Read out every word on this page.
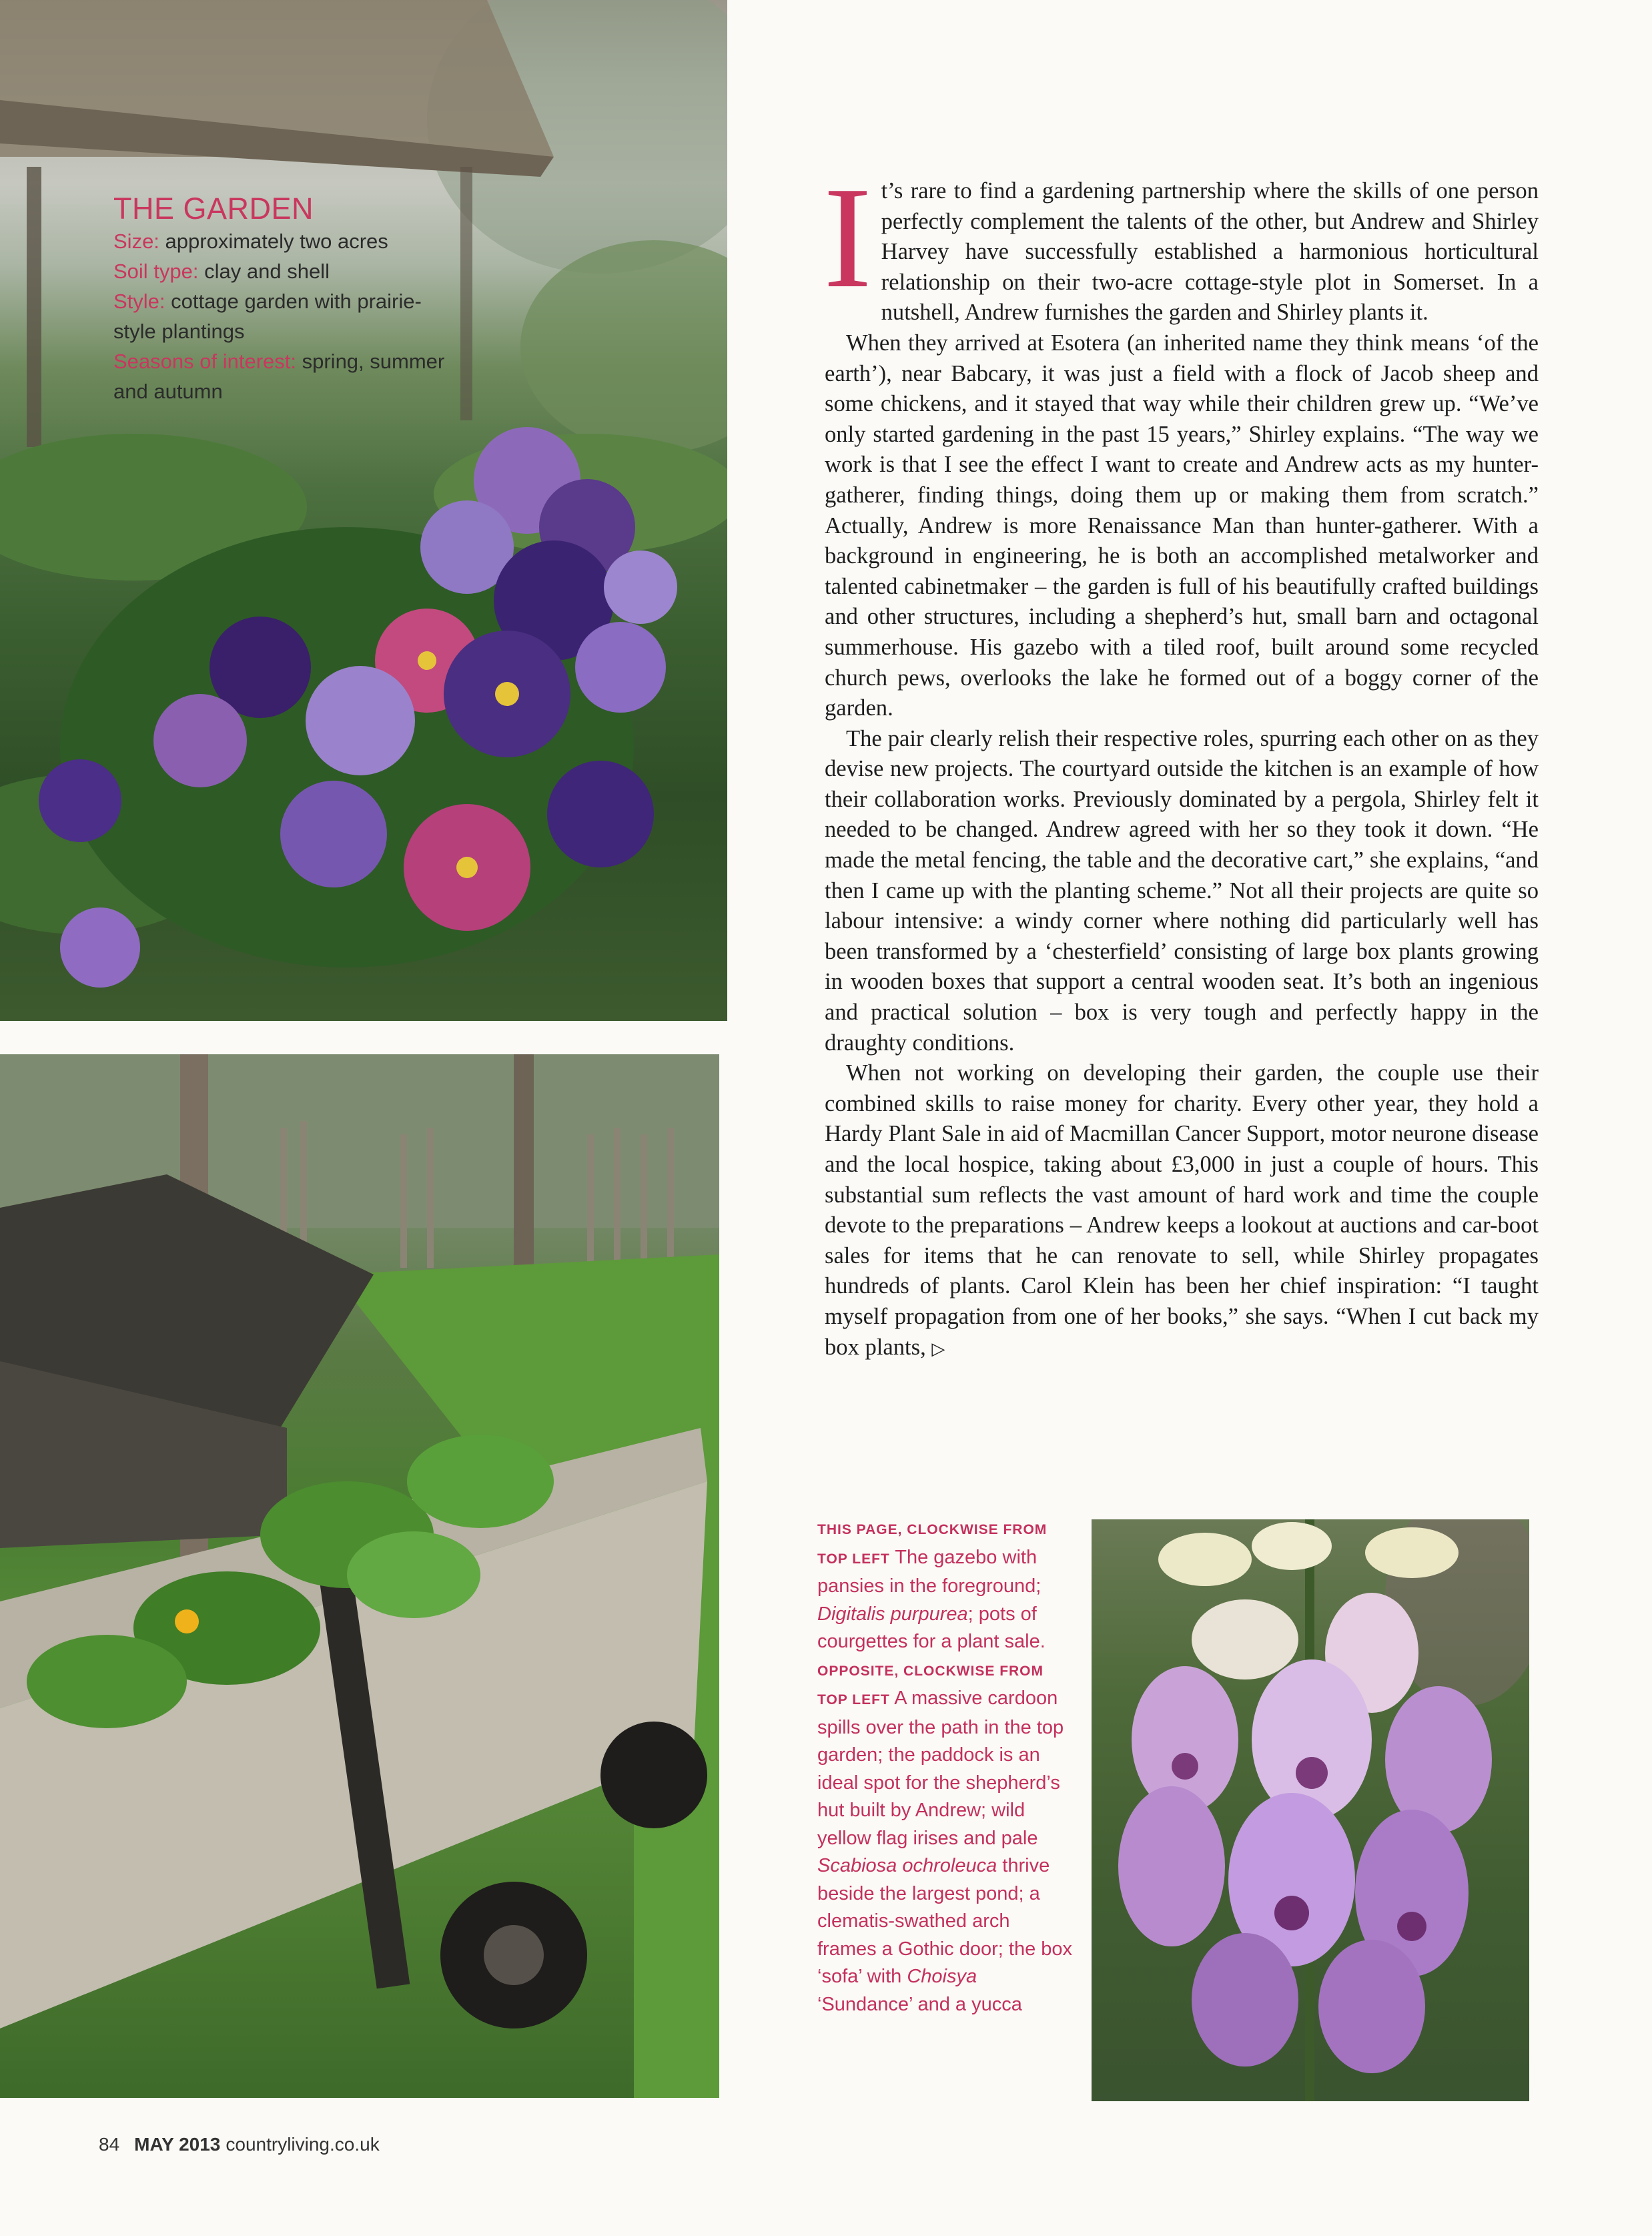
THE GARDEN

Size: approximately two acres

Soil type: clay and shell

Style: cottage garden with prairie-style plantings

Seasons of interest: spring, summer and autumn

It’s rare to find a gardening partnership where the skills of one person perfectly complement the talents of the other, but Andrew and Shirley Harvey have successfully established a harmonious horticultural relationship on their two-acre cottage-style plot in Somerset. In a nutshell, Andrew furnishes the garden and Shirley plants it.

When they arrived at Esotera (an inherited name they think means ‘of the earth’), near Babcary, it was just a field with a flock of Jacob sheep and some chickens, and it stayed that way while their children grew up. “We’ve only started gardening in the past 15 years,” Shirley explains. “The way we work is that I see the effect I want to create and Andrew acts as my hunter-gatherer, finding things, doing them up or making them from scratch.” Actually, Andrew is more Renaissance Man than hunter-gatherer. With a background in engineering, he is both an accomplished metalworker and talented cabinetmaker – the garden is full of his beautifully crafted buildings and other structures, including a shepherd’s hut, small barn and octagonal summerhouse. His gazebo with a tiled roof, built around some recycled church pews, overlooks the lake he formed out of a boggy corner of the garden.

The pair clearly relish their respective roles, spurring each other on as they devise new projects. The courtyard outside the kitchen is an example of how their collaboration works. Previously dominated by a pergola, Shirley felt it needed to be changed. Andrew agreed with her so they took it down. “He made the metal fencing, the table and the decorative cart,” she explains, “and then I came up with the planting scheme.” Not all their projects are quite so labour intensive: a windy corner where nothing did particularly well has been transformed by a ‘chesterfield’ consisting of large box plants growing in wooden boxes that support a central wooden seat. It’s both an ingenious and practical solution – box is very tough and perfectly happy in the draughty conditions.

When not working on developing their garden, the couple use their combined skills to raise money for charity. Every other year, they hold a Hardy Plant Sale in aid of Macmillan Cancer Support, motor neurone disease and the local hospice, taking about £3,000 in just a couple of hours. This substantial sum reflects the vast amount of hard work and time the couple devote to the preparations – Andrew keeps a lookout at auctions and car-boot sales for items that he can renovate to sell, while Shirley propagates hundreds of plants. Carol Klein has been her chief inspiration: “I taught myself propagation from one of her books,” she says. “When I cut back my box plants, ▷

THIS PAGE, CLOCKWISE FROM TOP LEFT The gazebo with pansies in the foreground; Digitalis purpurea; pots of courgettes for a plant sale. OPPOSITE, CLOCKWISE FROM TOP LEFT A massive cardoon spills over the path in the top garden; the paddock is an ideal spot for the shepherd’s hut built by Andrew; wild yellow flag irises and pale Scabiosa ochroleuca thrive beside the largest pond; a clematis-swathed arch frames a Gothic door; the box ‘sofa’ with Choisya ‘Sundance’ and a yucca
84 MAY 2013 countryliving.co.uk
